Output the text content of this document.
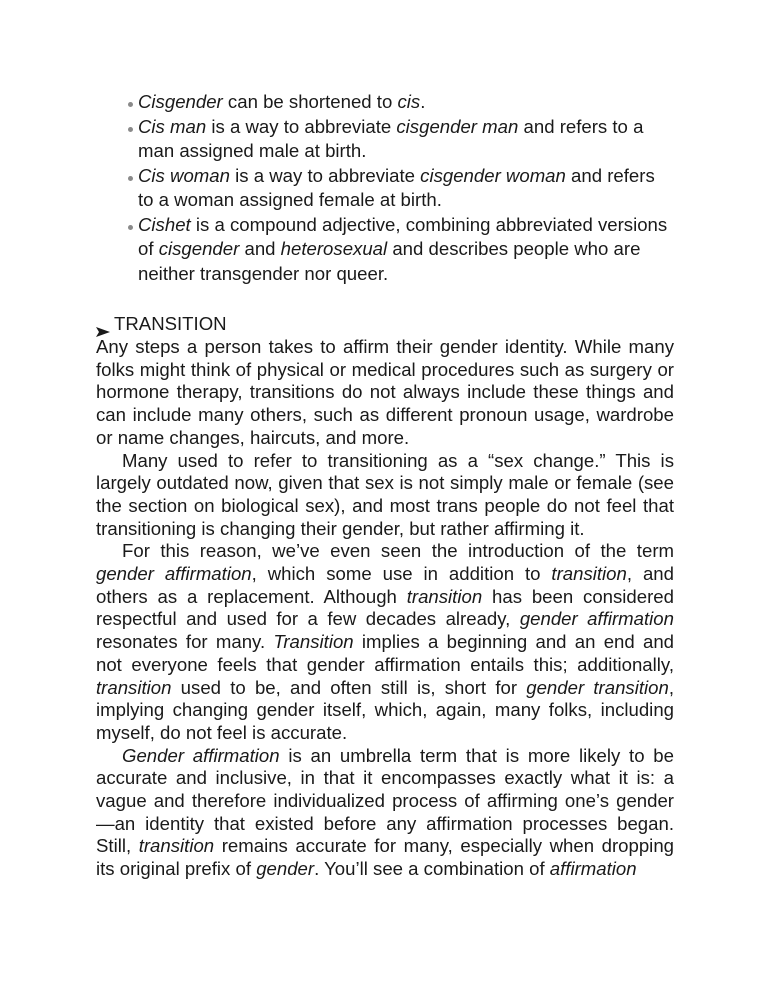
Cisgender can be shortened to cis.
Cis man is a way to abbreviate cisgender man and refers to a man assigned male at birth.
Cis woman is a way to abbreviate cisgender woman and refers to a woman assigned female at birth.
Cishet is a compound adjective, combining abbreviated versions of cisgender and heterosexual and describes people who are neither transgender nor queer.
TRANSITION

Any steps a person takes to affirm their gender identity. While many folks might think of physical or medical procedures such as surgery or hormone therapy, transitions do not always include these things and can include many others, such as different pronoun usage, wardrobe or name changes, haircuts, and more.

Many used to refer to transitioning as a “sex change.” This is largely outdated now, given that sex is not simply male or female (see the section on biological sex), and most trans people do not feel that transitioning is changing their gender, but rather affirming it.

For this reason, we’ve even seen the introduction of the term gender affirmation, which some use in addition to transition, and others as a replacement. Although transition has been considered respectful and used for a few decades already, gender affirmation resonates for many. Transition implies a beginning and an end and not everyone feels that gender affirmation entails this; additionally, transition used to be, and often still is, short for gender transition, implying changing gender itself, which, again, many folks, including myself, do not feel is accurate.

Gender affirmation is an umbrella term that is more likely to be accurate and inclusive, in that it encompasses exactly what it is: a vague and therefore individualized process of affirming one’s gender —an identity that existed before any affirmation processes began. Still, transition remains accurate for many, especially when dropping its original prefix of gender. You’ll see a combination of affirmation
